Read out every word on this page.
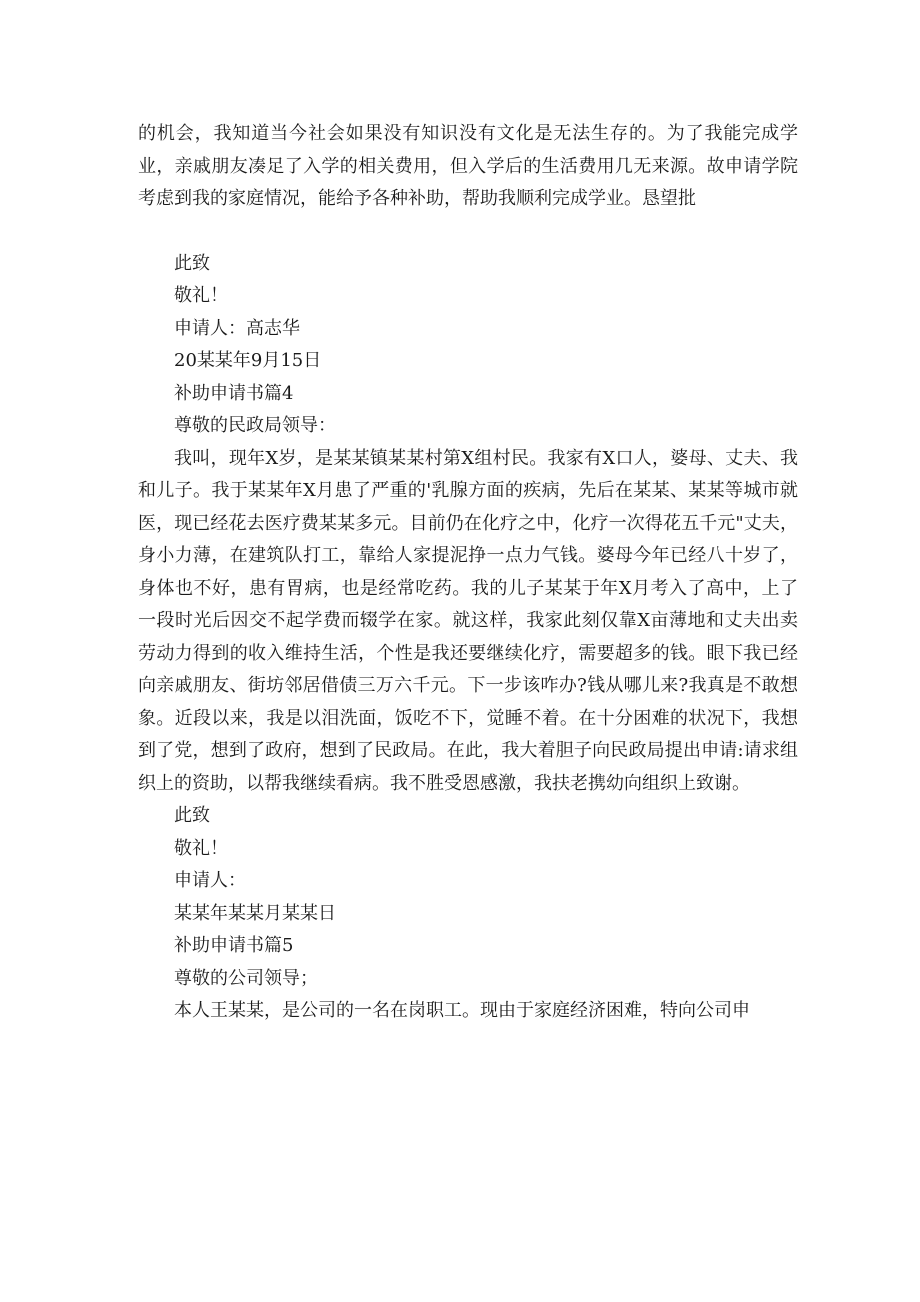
的机会，我知道当今社会如果没有知识没有文化是无法生存的。为了我能完成学业，亲戚朋友凑足了入学的相关费用，但入学后的生活费用几无来源。故申请学院考虑到我的家庭情况，能给予各种补助，帮助我顺利完成学业。恳望批

此致

敬礼！

申请人：高志华

20某某年9月15日

补助申请书篇4

尊敬的民政局领导：

我叫，现年X岁，是某某镇某某村第X组村民。我家有X口人，婆母、丈夫、我和儿子。我于某某年X月患了严重的'乳腺方面的疾病，先后在某某、某某等城市就医，现已经花去医疗费某某多元。目前仍在化疗之中，化疗一次得花五千元"丈夫，身小力薄，在建筑队打工，靠给人家提泥挣一点力气钱。婆母今年已经八十岁了，身体也不好，患有胃病，也是经常吃药。我的儿子某某于年X月考入了高中，上了一段时光后因交不起学费而辍学在家。就这样，我家此刻仅靠X亩薄地和丈夫出卖劳动力得到的收入维持生活，个性是我还要继续化疗，需要超多的钱。眼下我已经向亲戚朋友、街坊邻居借债三万六千元。下一步该咋办?钱从哪儿来?我真是不敢想象。近段以来，我是以泪洗面，饭吃不下，觉睡不着。在十分困难的状况下，我想到了党，想到了政府，想到了民政局。在此，我大着胆子向民政局提出申请:请求组织上的资助，以帮我继续看病。我不胜受恩感激，我扶老携幼向组织上致谢。

此致

敬礼！

申请人：

某某年某某月某某日

补助申请书篇5

尊敬的公司领导；

本人王某某，是公司的一名在岗职工。现由于家庭经济困难，特向公司申
